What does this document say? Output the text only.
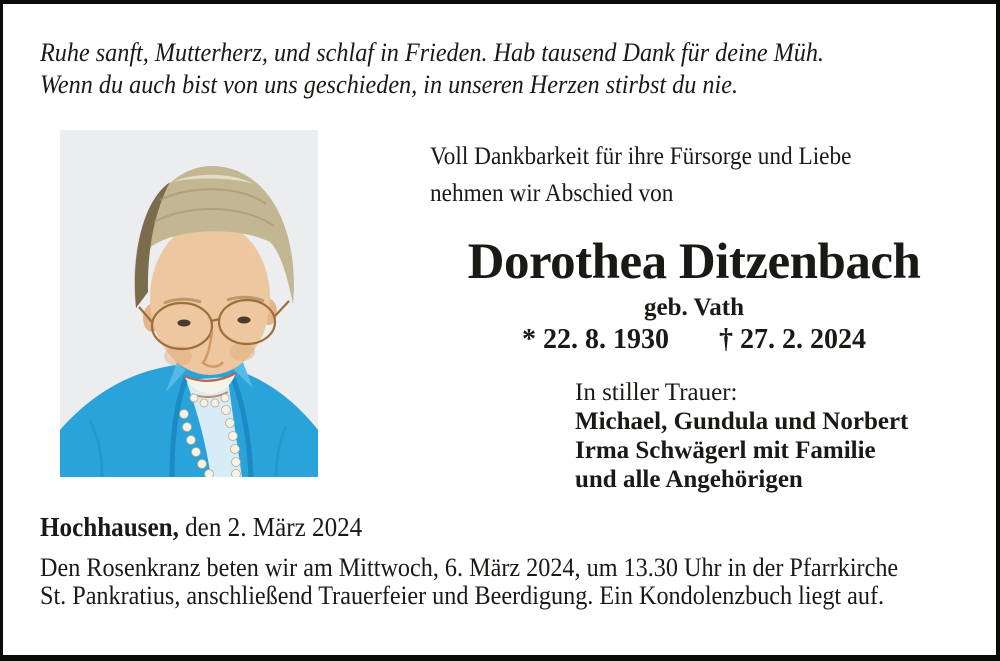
Ruhe sanft, Mutterherz, und schlaf in Frieden. Hab tausend Dank für deine Müh.
Wenn du auch bist von uns geschieden, in unseren Herzen stirbst du nie.
Voll Dankbarkeit für ihre Fürsorge und Liebe
nehmen wir Abschied von
Dorothea Ditzenbach
geb. Vath
* 22. 8. 1930 † 27. 2. 2024
In stiller Trauer:
Michael, Gundula und Norbert
Irma Schwägerl mit Familie
und alle Angehörigen
Hochhausen, den 2. März 2024
Den Rosenkranz beten wir am Mittwoch, 6. März 2024, um 13.30 Uhr in der Pfarrkirche
St. Pankratius, anschließend Trauerfeier und Beerdigung. Ein Kondolenzbuch liegt auf.
